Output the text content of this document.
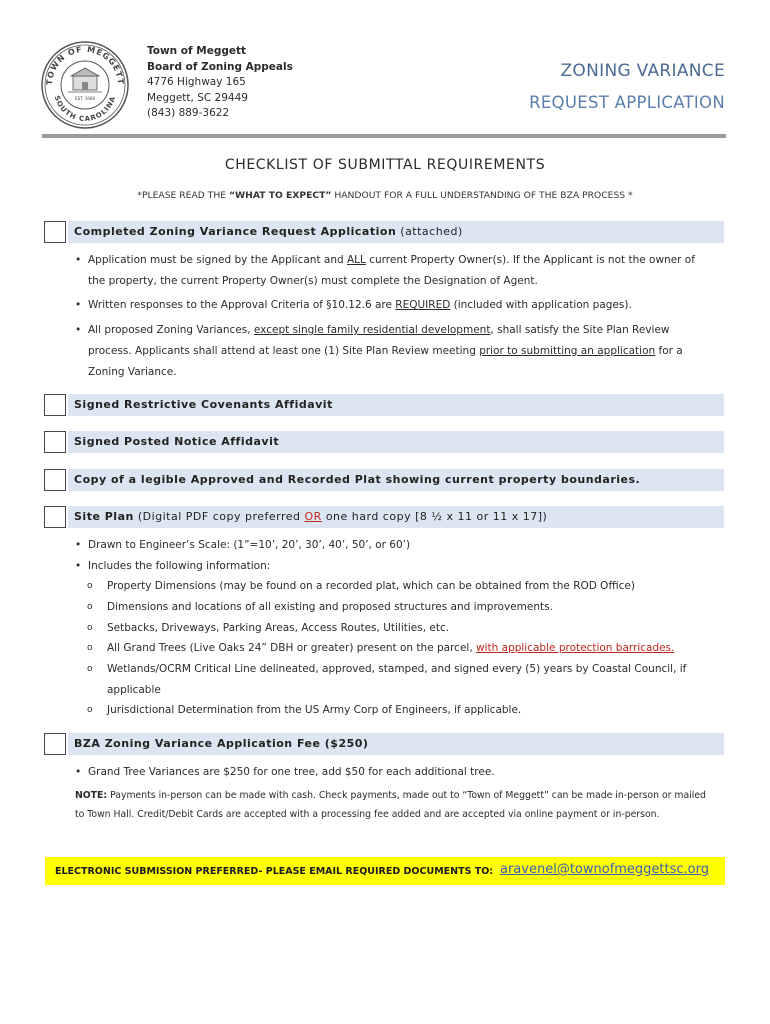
TOWN OF MEGGETT
SOUTH CAROLINA
EST. 1908
Town of Meggett
Board of Zoning Appeals
4776 Highway 165
Meggett, SC 29449
(843) 889-3622
ZONING VARIANCE
REQUEST APPLICATION
CHECKLIST OF SUBMITTAL REQUIREMENTS
*PLEASE READ THE “WHAT TO EXPECT” HANDOUT FOR A FULL UNDERSTANDING OF THE BZA PROCESS *
Completed Zoning Variance Request Application (attached)
• Application must be signed by the Applicant and ALL current Property Owner(s). If the Applicant is not the owner of the property, the current Property Owner(s) must complete the Designation of Agent.
• Written responses to the Approval Criteria of §10.12.6 are REQUIRED (included with application pages).
• All proposed Zoning Variances, except single family residential development, shall satisfy the Site Plan Review process. Applicants shall attend at least one (1) Site Plan Review meeting prior to submitting an application for a Zoning Variance.
Signed Restrictive Covenants Affidavit
Signed Posted Notice Affidavit
Copy of a legible Approved and Recorded Plat showing current property boundaries.
Site Plan (Digital PDF copy preferred OR one hard copy [8 ½ x 11 or 11 x 17])
• Drawn to Engineer’s Scale: (1”=10’, 20’, 30’, 40’, 50’, or 60’)
• Includes the following information:
o	Property Dimensions (may be found on a recorded plat, which can be obtained from the ROD Office)
o	Dimensions and locations of all existing and proposed structures and improvements.
o	Setbacks, Driveways, Parking Areas, Access Routes, Utilities, etc.
o	All Grand Trees (Live Oaks 24” DBH or greater) present on the parcel, with applicable protection barricades.
o	Wetlands/OCRM Critical Line delineated, approved, stamped, and signed every (5) years by Coastal Council, if applicable
o	Jurisdictional Determination from the US Army Corp of Engineers, if applicable.
BZA Zoning Variance Application Fee ($250)
• Grand Tree Variances are $250 for one tree, add $50 for each additional tree.
NOTE: Payments in-person can be made with cash. Check payments, made out to “Town of Meggett” can be made in-person or mailed to Town Hall. Credit/Debit Cards are accepted with a processing fee added and are accepted via online payment or in-person.
ELECTRONIC SUBMISSION PREFERRED- PLEASE EMAIL REQUIRED DOCUMENTS TO: aravenel@townofmeggettsc.org
